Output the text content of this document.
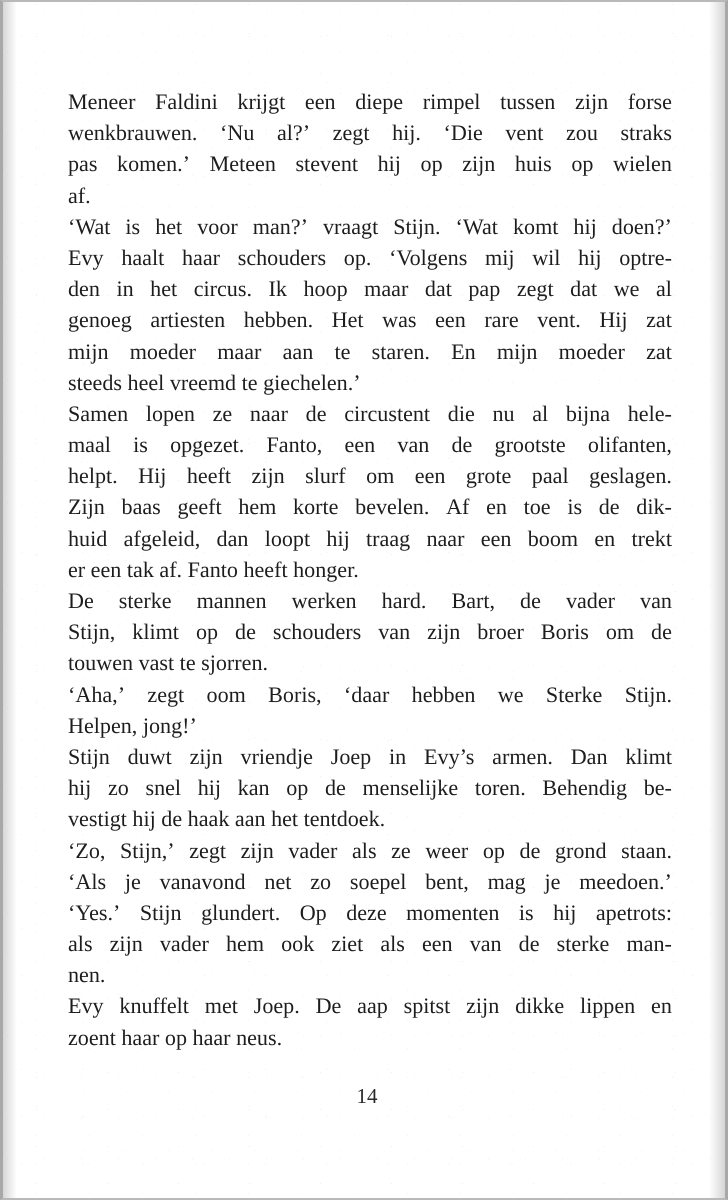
Meneer Faldini krijgt een diepe rimpel tussen zijn forse
wenkbrauwen. ‘Nu al?’ zegt hij. ‘Die vent zou straks
pas komen.’ Meteen stevent hij op zijn huis op wielen
af.

‘Wat is het voor man?’ vraagt Stijn. ‘Wat komt hij doen?’
Evy haalt haar schouders op. ‘Volgens mij wil hij optre-
den in het circus. Ik hoop maar dat pap zegt dat we al
genoeg artiesten hebben. Het was een rare vent. Hij zat
mijn moeder maar aan te staren. En mijn moeder zat
steeds heel vreemd te giechelen.’

Samen lopen ze naar de circustent die nu al bijna hele-
maal is opgezet. Fanto, een van de grootste olifanten,
helpt. Hij heeft zijn slurf om een grote paal geslagen.
Zijn baas geeft hem korte bevelen. Af en toe is de dik-
huid afgeleid, dan loopt hij traag naar een boom en trekt
er een tak af. Fanto heeft honger.

De sterke mannen werken hard. Bart, de vader van
Stijn, klimt op de schouders van zijn broer Boris om de
touwen vast te sjorren.

‘Aha,’ zegt oom Boris, ‘daar hebben we Sterke Stijn.
Helpen, jong!’

Stijn duwt zijn vriendje Joep in Evy’s armen. Dan klimt
hij zo snel hij kan op de menselijke toren. Behendig be-
vestigt hij de haak aan het tentdoek.

‘Zo, Stijn,’ zegt zijn vader als ze weer op de grond staan.
‘Als je vanavond net zo soepel bent, mag je meedoen.’
‘Yes.’ Stijn glundert. Op deze momenten is hij apetrots:
als zijn vader hem ook ziet als een van de sterke man-
nen.

Evy knuffelt met Joep. De aap spitst zijn dikke lippen en
zoent haar op haar neus.

14
